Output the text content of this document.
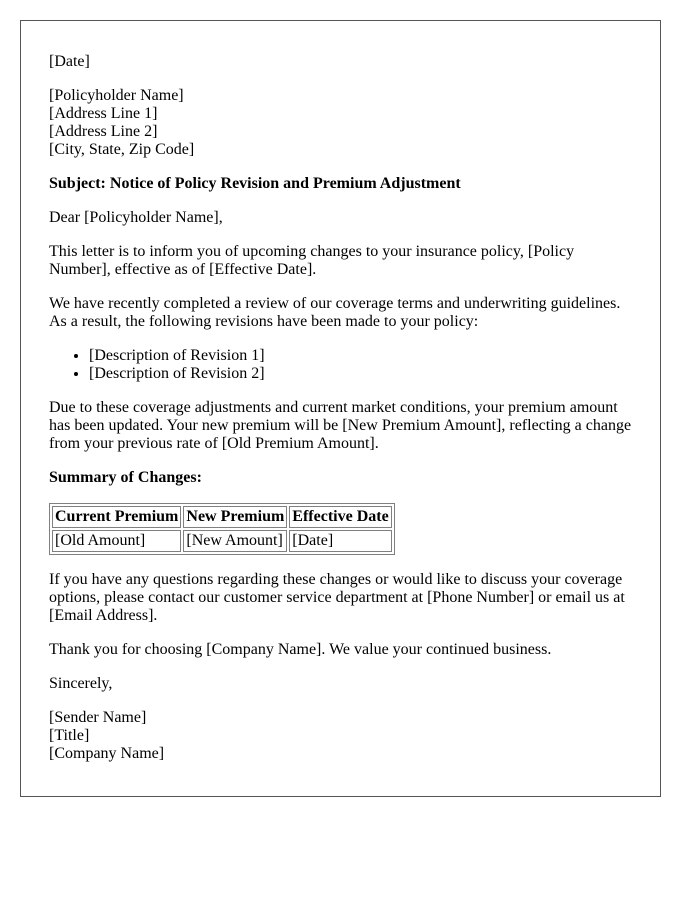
[Date]

[Policyholder Name]
[Address Line 1]
[Address Line 2]
[City, State, Zip Code]

Subject: Notice of Policy Revision and Premium Adjustment

Dear [Policyholder Name],

This letter is to inform you of upcoming changes to your insurance policy, [Policy Number], effective as of [Effective Date].

We have recently completed a review of our coverage terms and underwriting guidelines. As a result, the following revisions have been made to your policy:

• [Description of Revision 1]
• [Description of Revision 2]

Due to these coverage adjustments and current market conditions, your premium amount has been updated. Your new premium will be [New Premium Amount], reflecting a change from your previous rate of [Old Premium Amount].

Summary of Changes:

Current Premium	New Premium	Effective Date
[Old Amount]	[New Amount]	[Date]

If you have any questions regarding these changes or would like to discuss your coverage options, please contact our customer service department at [Phone Number] or email us at [Email Address].

Thank you for choosing [Company Name]. We value your continued business.

Sincerely,

[Sender Name]
[Title]
[Company Name]
